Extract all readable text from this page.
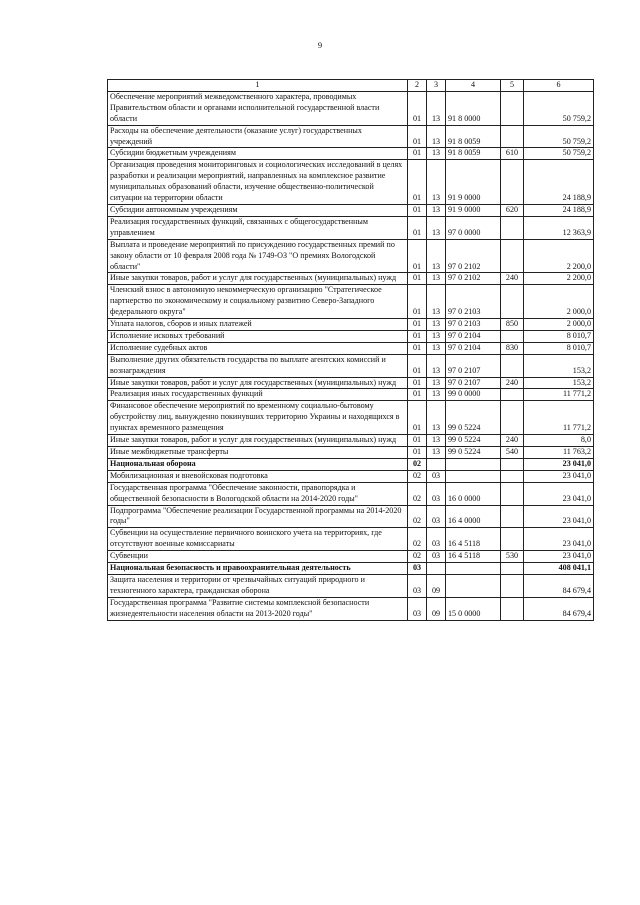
9
1	2	3	4	5	6
Обеспечение мероприятий межведомственного характера, проводимых Правительством области и органами исполнительной государственной власти области	01	13	91 8 0000		50 759,2
Расходы на обеспечение деятельности (оказание услуг) государственных учреждений	01	13	91 8 0059		50 759,2
Субсидии бюджетным учреждениям	01	13	91 8 0059	610	50 759,2
Организация проведения мониторинговых и социологических исследований в целях разработки и реализации мероприятий, направленных на комплексное развитие муниципальных образований области, изучение общественно-политической ситуации на территории области	01	13	91 9 0000		24 188,9
Субсидии автономным учреждениям	01	13	91 9 0000	620	24 188,9
Реализация государственных функций, связанных с общегосударственным управлением	01	13	97 0 0000		12 363,9
Выплата и проведение мероприятий по присуждению государственных премий по закону области от 10 февраля 2008 года № 1749-ОЗ "О премиях Вологодской области"	01	13	97 0 2102		2 200,0
Иные закупки товаров, работ и услуг для государственных (муниципальных) нужд	01	13	97 0 2102	240	2 200,0
Членский взнос в автономную некоммерческую организацию "Стратегическое партнерство по экономическому и социальному развитию Северо-Западного федерального округа"	01	13	97 0 2103		2 000,0
Уплата налогов, сборов и иных платежей	01	13	97 0 2103	850	2 000,0
Исполнение исковых требований	01	13	97 0 2104		8 010,7
Исполнение судебных актов	01	13	97 0 2104	830	8 010,7
Выполнение других обязательств государства по выплате агентских комиссий и вознаграждения	01	13	97 0 2107		153,2
Иные закупки товаров, работ и услуг для государственных (муниципальных) нужд	01	13	97 0 2107	240	153,2
Реализация иных государственных функций	01	13	99 0 0000		11 771,2
Финансовое обеспечение мероприятий по временному социально-бытовому обустройству лиц, вынужденно покинувших территорию Украины и находящихся в пунктах временного размещения	01	13	99 0 5224		11 771,2
Иные закупки товаров, работ и услуг для государственных (муниципальных) нужд	01	13	99 0 5224	240	8,0
Иные межбюджетные трансферты	01	13	99 0 5224	540	11 763,2
Национальная оборона	02				23 041,0
Мобилизационная и вневойсковая подготовка	02	03			23 041,0
Государственная программа "Обеспечение законности, правопорядка и общественной безопасности в Вологодской области на 2014-2020 годы"	02	03	16 0 0000		23 041,0
Подпрограмма "Обеспечение реализации Государственной программы на 2014-2020 годы"	02	03	16 4 0000		23 041,0
Субвенции на осуществление первичного воинского учета на территориях, где отсутствуют военные комиссариаты	02	03	16 4 5118		23 041,0
Субвенции	02	03	16 4 5118	530	23 041,0
Национальная безопасность и правоохранительная деятельность	03				408 041,1
Защита населения и территории от чрезвычайных ситуаций природного и техногенного характера, гражданская оборона	03	09			84 679,4
Государственная программа "Развитие системы комплексной безопасности жизнедеятельности населения области на 2013-2020 годы"	03	09	15 0 0000		84 679,4
